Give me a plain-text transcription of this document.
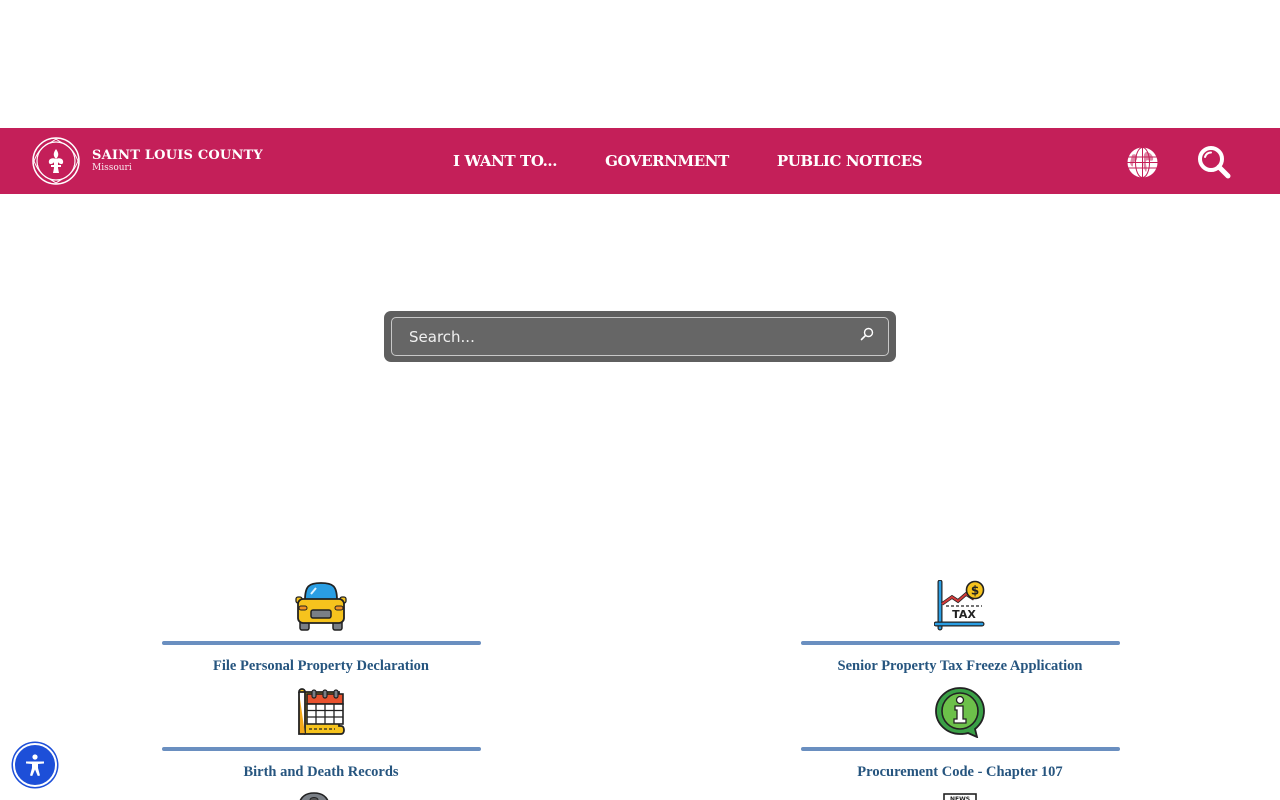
SAINT LOUIS COUNTY
Missouri	I WANT TO...	GOVERNMENT	PUBLIC NOTICES
Search...
File Personal Property Declaration
$
TAX
Senior Property Tax Freeze Application
Birth and Death Records	Procurement Code - Chapter 107
NEWS
